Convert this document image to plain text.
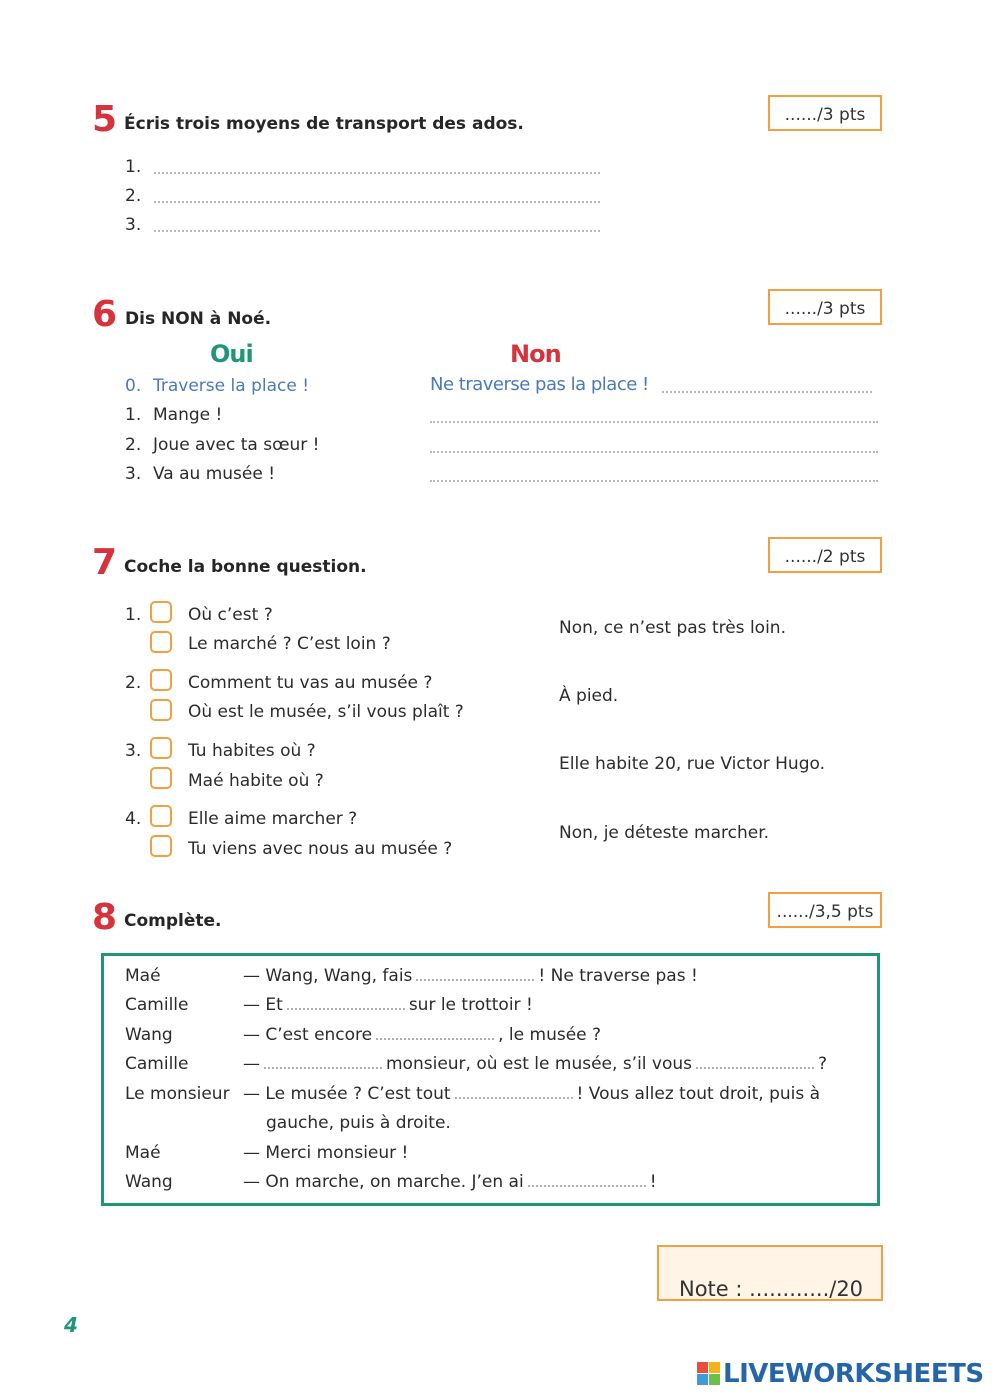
5 Écris trois moyens de transport des ados.	....../3 pts
1.
2.
3.
6 Dis NON à Noé.	....../3 pts
Oui	Non
0. Traverse la place !	Ne traverse pas la place !
1. Mange !
2. Joue avec ta sœur !
3. Va au musée !
7 Coche la bonne question.	....../2 pts
1.	Où c’est ?
Le marché ? C’est loin ?
Non, ce n’est pas très loin.
2.	Comment tu vas au musée ?
Où est le musée, s’il vous plaît ?
À pied.
3.	Tu habites où ?
Maé habite où ?
Elle habite 20, rue Victor Hugo.
4.	Elle aime marcher ?
Tu viens avec nous au musée ?
Non, je déteste marcher.
8 Complète.	....../3,5 pts
Maé	— Wang, Wang, fais	! Ne traverse pas !
Camille	— Et	sur le trottoir !
Wang	— C’est encore	, le musée ?
Camille	—	monsieur, où est le musée, s’il vous	?
Le monsieur — Le musée ? C’est tout	! Vous allez tout droit, puis à
gauche, puis à droite.
Maé	— Merci monsieur !
Wang	— On marche, on marche. J’en ai	!
Note : ............/20
4
LIVEWORKSHEETS
